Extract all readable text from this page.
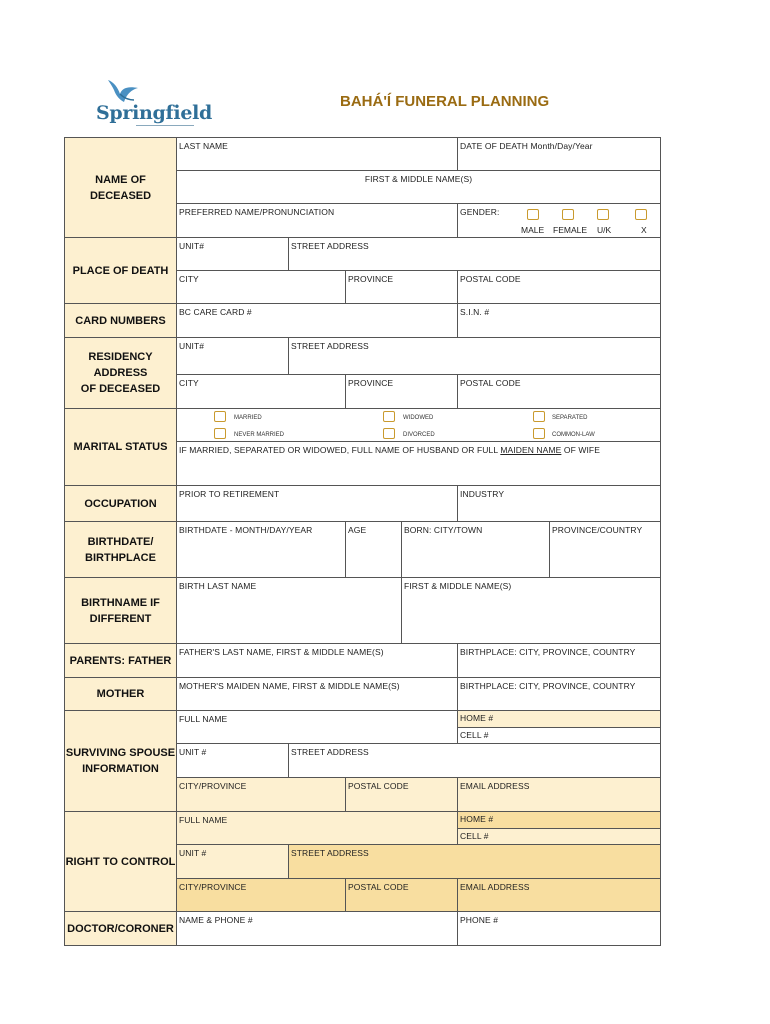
Springfield
BAHÁ'Í FUNERAL PLANNING
NAME OF DECEASED
LAST NAME	DATE OF DEATH Month/Day/Year
FIRST & MIDDLE NAME(S)
PREFERRED NAME/PRONUNCIATION	GENDER:
MALE FEMALE U/K	X
PLACE OF DEATH
UNIT#	STREET ADDRESS
CITY	PROVINCE	POSTAL CODE
CARD NUMBERS
BC CARE CARD #	S.I.N. #
RESIDENCY ADDRESS
OF DECEASED
UNIT#	STREET ADDRESS
CITY	PROVINCE	POSTAL CODE
MARITAL STATUS
MARRIED	WIDOWED	SEPARATED
NEVER MARRIED	DIVORCED	COMMON-LAW
IF MARRIED, SEPARATED OR WIDOWED, FULL NAME OF HUSBAND OR FULL MAIDEN NAME OF WIFE
OCCUPATION
PRIOR TO RETIREMENT	INDUSTRY
BIRTHDATE/
BIRTHPLACE
BIRTHDATE - MONTH/DAY/YEAR	AGE	BORN: CITY/TOWN	PROVINCE/COUNTRY
BIRTHNAME IF
DIFFERENT
BIRTH LAST NAME	FIRST & MIDDLE NAME(S)
PARENTS: FATHER
FATHER'S LAST NAME, FIRST & MIDDLE NAME(S)	BIRTHPLACE: CITY, PROVINCE, COUNTRY
MOTHER
MOTHER'S MAIDEN NAME, FIRST & MIDDLE NAME(S)	BIRTHPLACE: CITY, PROVINCE, COUNTRY
SURVIVING SPOUSE
INFORMATION
FULL NAME	HOME #
CELL #
UNIT #	STREET ADDRESS
CITY/PROVINCE	POSTAL CODE	EMAIL ADDRESS
RIGHT TO CONTROL
FULL NAME	HOME #
CELL #
UNIT #	STREET ADDRESS
CITY/PROVINCE	POSTAL CODE	EMAIL ADDRESS
DOCTOR/CORONER
NAME & PHONE #	PHONE #
